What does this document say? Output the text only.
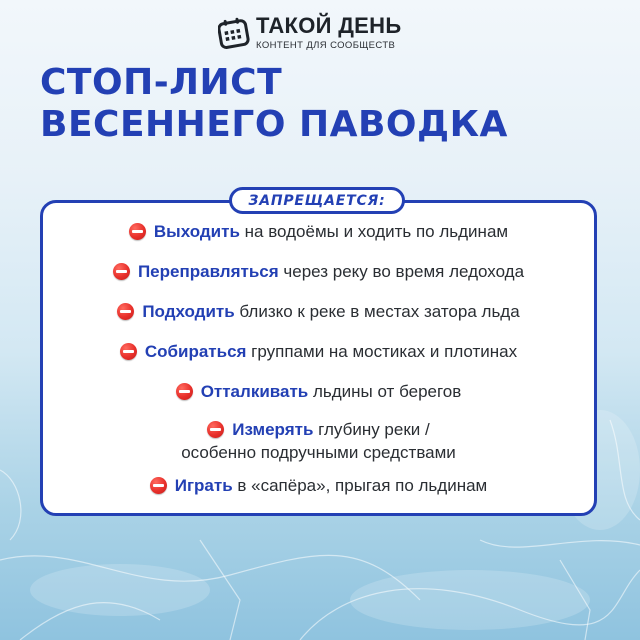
ТАКОЙ ДЕНЬ
КОНТЕНТ ДЛЯ СООБЩЕСТВ
СТОП-ЛИСТ
ВЕСЕННЕГО ПАВОДКА
ЗАПРЕЩАЕТСЯ:
Выходить на водоёмы и ходить по льдинам
Переправляться через реку во время ледохода
Подходить близко к реке в местах затора льда
Собираться группами на мостиках и плотинах
Отталкивать льдины от берегов
Измерять глубину реки /

особенно подручными средствами
Играть в «сапёра», прыгая по льдинам
